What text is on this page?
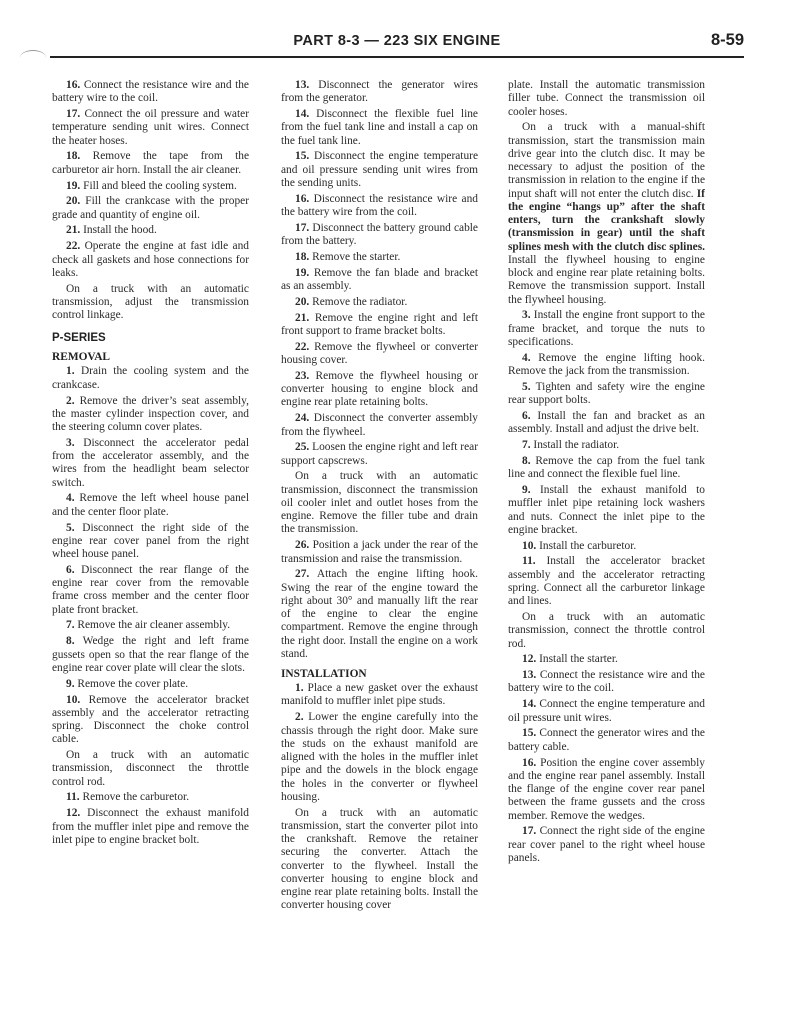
PART 8-3 — 223 SIX ENGINE	8-59

16. Connect the resistance wire and the battery wire to the coil.

17. Connect the oil pressure and water temperature sending unit wires. Connect the heater hoses.

18. Remove the tape from the carburetor air horn. Install the air cleaner.

19. Fill and bleed the cooling system.

20. Fill the crankcase with the proper grade and quantity of engine oil.

21. Install the hood.

22. Operate the engine at fast idle and check all gaskets and hose connections for leaks.

On a truck with an automatic transmission, adjust the transmission control linkage.

P-SERIES
REMOVAL

1. Drain the cooling system and the crankcase.

2. Remove the driver’s seat assembly, the master cylinder inspection cover, and the steering column cover plates.

3. Disconnect the accelerator pedal from the accelerator assembly, and the wires from the headlight beam selector switch.

4. Remove the left wheel house panel and the center floor plate.

5. Disconnect the right side of the engine rear cover panel from the right wheel house panel.

6. Disconnect the rear flange of the engine rear cover from the removable frame cross member and the center floor plate front bracket.

7. Remove the air cleaner assembly.

8. Wedge the right and left frame gussets open so that the rear flange of the engine rear cover plate will clear the slots.

9. Remove the cover plate.

10. Remove the accelerator bracket assembly and the accelerator retracting spring. Disconnect the choke control cable.

On a truck with an automatic transmission, disconnect the throttle control rod.

11. Remove the carburetor.

12. Disconnect the exhaust manifold from the muffler inlet pipe and remove the inlet pipe to engine bracket bolt.

13. Disconnect the generator wires from the generator.

14. Disconnect the flexible fuel line from the fuel tank line and install a cap on the fuel tank line.

15. Disconnect the engine temperature and oil pressure sending unit wires from the sending units.

16. Disconnect the resistance wire and the battery wire from the coil.

17. Disconnect the battery ground cable from the battery.

18. Remove the starter.

19. Remove the fan blade and bracket as an assembly.

20. Remove the radiator.

21. Remove the engine right and left front support to frame bracket bolts.

22. Remove the flywheel or converter housing cover.

23. Remove the flywheel housing or converter housing to engine block and engine rear plate retaining bolts.

24. Disconnect the converter assembly from the flywheel.

25. Loosen the engine right and left rear support capscrews.

On a truck with an automatic transmission, disconnect the transmission oil cooler inlet and outlet hoses from the engine. Remove the filler tube and drain the transmission.

26. Position a jack under the rear of the transmission and raise the transmission.

27. Attach the engine lifting hook. Swing the rear of the engine toward the right about 30° and manually lift the rear of the engine to clear the engine compartment. Remove the engine through the right door. Install the engine on a work stand.

INSTALLATION

1. Place a new gasket over the exhaust manifold to muffler inlet pipe studs.

2. Lower the engine carefully into the chassis through the right door. Make sure the studs on the exhaust manifold are aligned with the holes in the muffler inlet pipe and the dowels in the block engage the holes in the converter or flywheel housing.

On a truck with an automatic transmission, start the converter pilot into the crankshaft. Remove the retainer securing the converter. Attach the converter to the flywheel. Install the converter housing to engine block and engine rear plate retaining bolts. Install the converter housing cover

plate. Install the automatic transmission filler tube. Connect the transmission oil cooler hoses.

On a truck with a manual-shift transmission, start the transmission main drive gear into the clutch disc. It may be necessary to adjust the position of the transmission in relation to the engine if the input shaft will not enter the clutch disc. If the engine “hangs up” after the shaft enters, turn the crankshaft slowly (transmission in gear) until the shaft splines mesh with the clutch disc splines. Install the flywheel housing to engine block and engine rear plate retaining bolts. Remove the transmission support. Install the flywheel housing.

3. Install the engine front support to the frame bracket, and torque the nuts to specifications.

4. Remove the engine lifting hook. Remove the jack from the transmission.

5. Tighten and safety wire the engine rear support bolts.

6. Install the fan and bracket as an assembly. Install and adjust the drive belt.

7. Install the radiator.

8. Remove the cap from the fuel tank line and connect the flexible fuel line.

9. Install the exhaust manifold to muffler inlet pipe retaining lock washers and nuts. Connect the inlet pipe to the engine bracket.

10. Install the carburetor.

11. Install the accelerator bracket assembly and the accelerator retracting spring. Connect all the carburetor linkage and lines.

On a truck with an automatic transmission, connect the throttle control rod.

12. Install the starter.

13. Connect the resistance wire and the battery wire to the coil.

14. Connect the engine temperature and oil pressure unit wires.

15. Connect the generator wires and the battery cable.

16. Position the engine cover assembly and the engine rear panel assembly. Install the flange of the engine cover rear panel between the frame gussets and the cross member. Remove the wedges.

17. Connect the right side of the engine rear cover panel to the right wheel house panels.
